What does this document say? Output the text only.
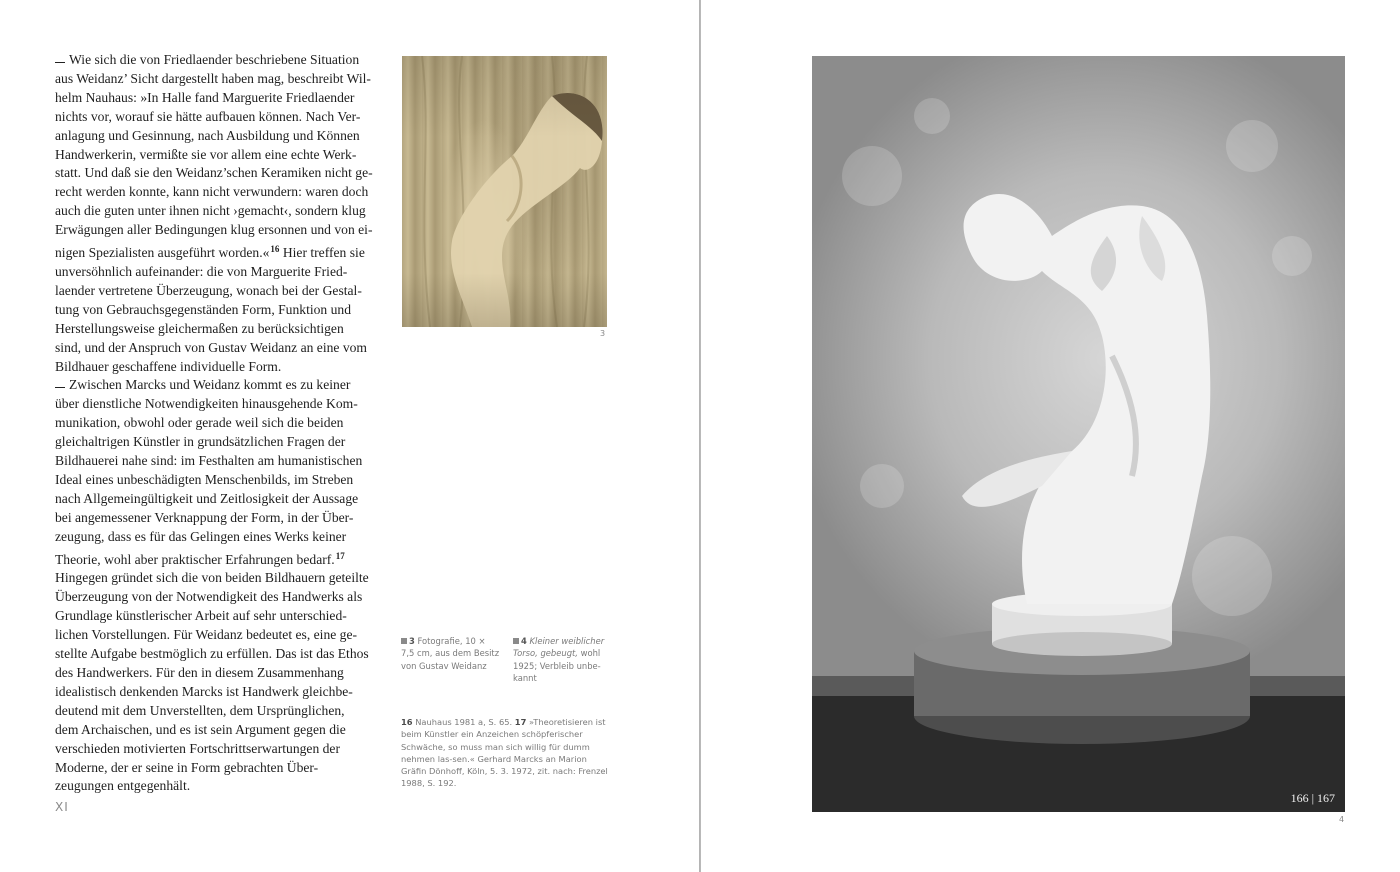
Wie sich die von Friedlaender beschriebene Situation
aus Weidanz’ Sicht dargestellt haben mag, beschreibt Wil-
helm Nauhaus: »In Halle fand Marguerite Friedlaender
nichts vor, worauf sie hätte aufbauen können. Nach Ver-
anlagung und Gesinnung, nach Ausbildung und Können
Handwerkerin, vermißte sie vor allem eine echte Werk-
statt. Und daß sie den Weidanz’schen Keramiken nicht ge-
recht werden konnte, kann nicht verwundern: waren doch
auch die guten unter ihnen nicht ›gemacht‹, sondern klug
Erwägungen aller Bedingungen klug ersonnen und von ei-
nigen Spezialisten ausgeführt worden.«$^{16}$ Hier treffen sie
unversöhnlich aufeinander: die von Marguerite Fried-
laender vertretene Überzeugung, wonach bei der Gestal-
tung von Gebrauchsgegenständen Form, Funktion und
Herstellungsweise gleichermaßen zu berücksichtigen
sind, und der Anspruch von Gustav Weidanz an eine vom
Bildhauer geschaffene individuelle Form.
Zwischen Marcks und Weidanz kommt es zu keiner
über dienstliche Notwendigkeiten hinausgehende Kom-
munikation, obwohl oder gerade weil sich die beiden
gleichaltrigen Künstler in grundsätzlichen Fragen der
Bildhauerei nahe sind: im Festhalten am humanistischen
Ideal eines unbeschädigten Menschenbilds, im Streben
nach Allgemeingültigkeit und Zeitlosigkeit der Aussage
bei angemessener Verknappung der Form, in der Über-
zeugung, dass es für das Gelingen eines Werks keiner
Theorie, wohl aber praktischer Erfahrungen bedarf.$^{17}$
Hingegen gründet sich die von beiden Bildhauern geteilte
Überzeugung von der Notwendigkeit des Handwerks als
Grundlage künstlerischer Arbeit auf sehr unterschied-
lichen Vorstellungen. Für Weidanz bedeutet es, eine ge-
stellte Aufgabe bestmöglich zu erfüllen. Das ist das Ethos
des Handwerkers. Für den in diesem Zusammenhang
idealistisch denkenden Marcks ist Handwerk gleichbe-
deutend mit dem Unverstellten, dem Ursprünglichen,
dem Archaischen, und es ist sein Argument gegen die
verschieden motivierten Fortschrittserwartungen der
Moderne, der er seine in Form gebrachten Über-
zeugungen entgegenhält.
XI
3
3 Fotografie, 10 × 7,5 cm, aus dem Besitz von Gustav Weidanz
4 Kleiner weiblicher Torso, gebeugt, wohl 1925; Verbleib unbe-kannt
16 Nauhaus 1981 a, S. 65. 17 »Theoretisieren ist beim Künstler ein Anzeichen schöpferischer Schwäche, so muss man sich willig für dumm nehmen las-sen.« Gerhard Marcks an Marion Gräfin Dönhoff, Köln, 5. 3. 1972, zit. nach: Frenzel 1988, S. 192.
166 | 167
4
